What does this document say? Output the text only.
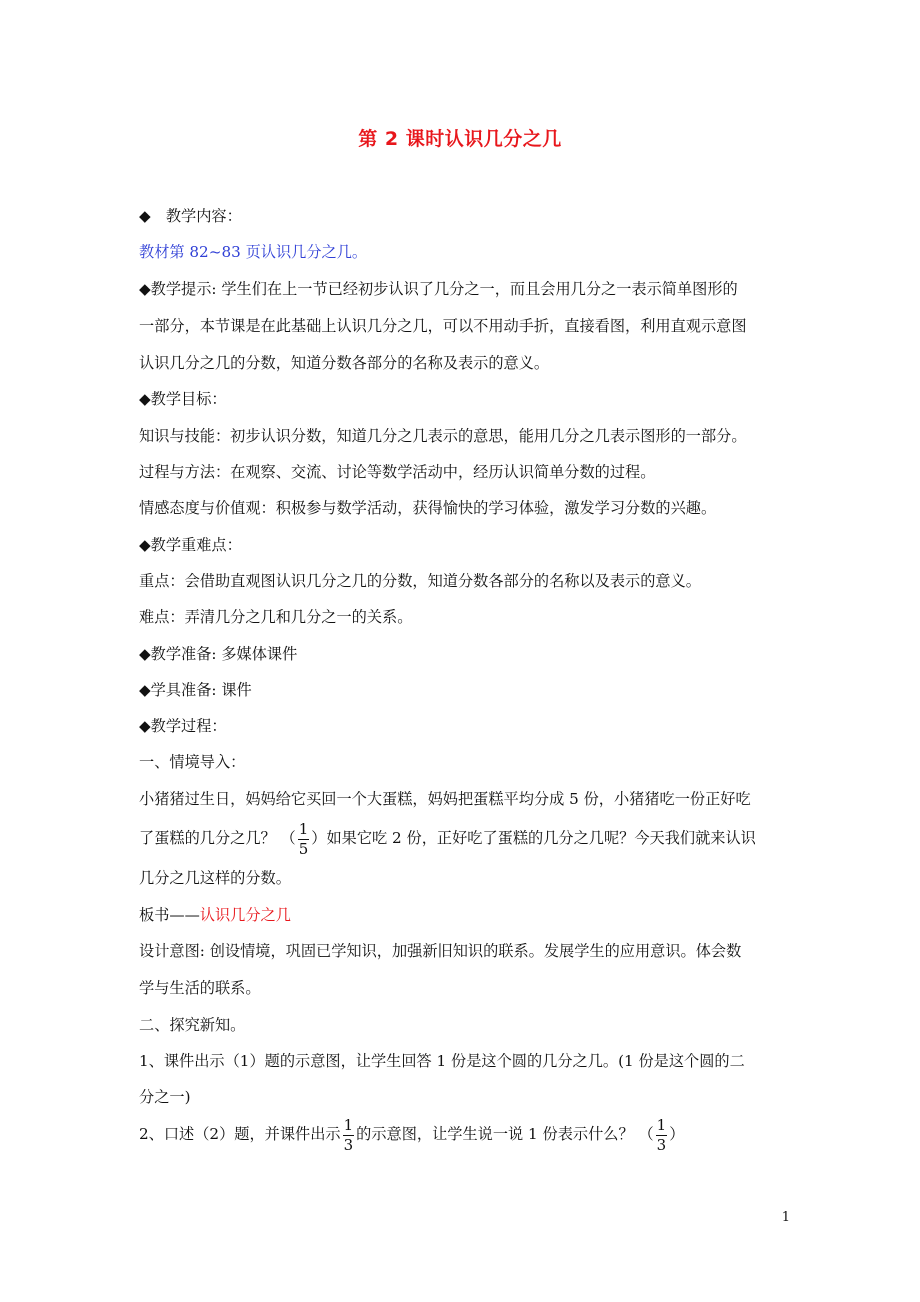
第 2 课时认识几分之几
◆　教学内容：
教材第 82~83 页认识几分之几。
◆教学提示: 学生们在上一节已经初步认识了几分之一，而且会用几分之一表示简单图形的
一部分，本节课是在此基础上认识几分之几，可以不用动手折，直接看图，利用直观示意图
认识几分之几的分数，知道分数各部分的名称及表示的意义。
◆教学目标：
知识与技能：初步认识分数，知道几分之几表示的意思，能用几分之几表示图形的一部分。
过程与方法：在观察、交流、讨论等数学活动中，经历认识简单分数的过程。
情感态度与价值观：积极参与数学活动，获得愉快的学习体验，激发学习分数的兴趣。
◆教学重难点：
重点：会借助直观图认识几分之几的分数，知道分数各部分的名称以及表示的意义。
难点：弄清几分之几和几分之一的关系。
◆教学准备: 多媒体课件
◆学具准备: 课件
◆教学过程：
一、情境导入：
小猪猪过生日，妈妈给它买回一个大蛋糕，妈妈把蛋糕平均分成 5 份，小猪猪吃一份正好吃
了蛋糕的几分之几？ （ $\frac{1}{5}$ ）如果它吃 2 份，正好吃了蛋糕的几分之几呢？今天我们就来认识
几分之几这样的分数。
板书——认识几分之几
设计意图: 创设情境，巩固已学知识，加强新旧知识的联系。发展学生的应用意识。体会数
学与生活的联系。
二、探究新知。
1、课件出示（1）题的示意图，让学生回答 1 份是这个圆的几分之几。(1 份是这个圆的二
分之一)
2、口述（2）题，并课件出示 $\frac{1}{3}$ 的示意图，让学生说一说 1 份表示什么？ （ $\frac{1}{3}$ ）
1
